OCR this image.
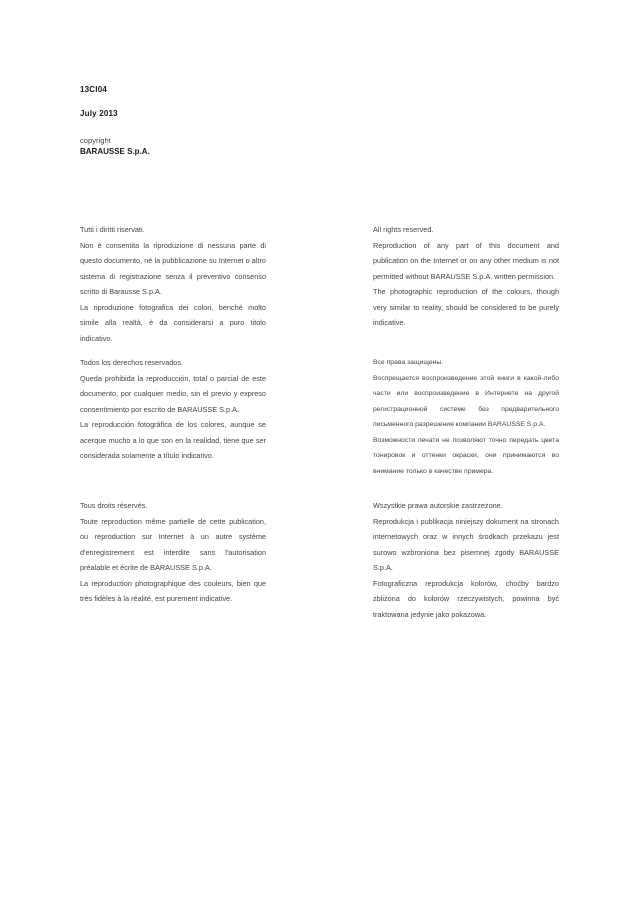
13CI04
July 2013
copyright
BARAUSSE S.p.A.

Tutti i diritti riservati.

Non è consentita la riproduzione di nessuna parte di questo documento, né la pubblicazione su Internet o altro sistema di registrazione senza il preventivo consenso scritto di Barausse S.p.A.

La riproduzione fotografica dei colori, benché molto simile alla realtà, è da considerarsi a puro titolo indicativo.

All rights reserved.

Reproduction of any part of this document and publication on the Internet or on any other medium is not permitted without BARAUSSE S.p.A. written permission.

The photographic reproduction of the colours, though very similar to reality, should be considered to be purely indicative.

Todos los derechos reservados.

Queda prohibida la reproducción, total o parcial de este documento, por cualquier medio, sin el previo y expreso consentimiento por escrito de BARAUSSE S.p.A.

La reproducción fotográfica de los colores, aunque se acerque mucho a lo que son en la realidad, tiene que ser considerada solamente a título indicativo.

Все права защищены.

Воспрещается воспроизведение этой книги в какой-либо части или воспроизведение в Интернете на другой регистрационной системе без предварительного письменного разрешения компании BARAUSSE S.p.A.

Возможности печати не позволяют точно передать цвета тонировок и оттенки окраски, они принимаются во внимание только в качестве примера.

Tous droits réservés.

Toute reproduction même partielle de cette publication, ou reproduction sur Internet à un autre système d'enregistrement est interdite sans l'autorisation préalable et écrite de BARAUSSE S.p.A.

La reproduction photographique des couleurs, bien que très fidèles à la réalité, est purement indicative.

Wszystkie prawa autorskie zastrzeżone.

Reprodukcja i publikacja niniejszy dokument na stronach internetowych oraz w innych środkach przekazu jest surowo wzbroniona bez pisemnej zgody BARAUSSE S.p.A.

Fotograficzna reprodukcja kolorów, choćby bardzo zbliżona do kolorów rzeczywistych, powinna być traktowana jedynie jako pokazowa.
